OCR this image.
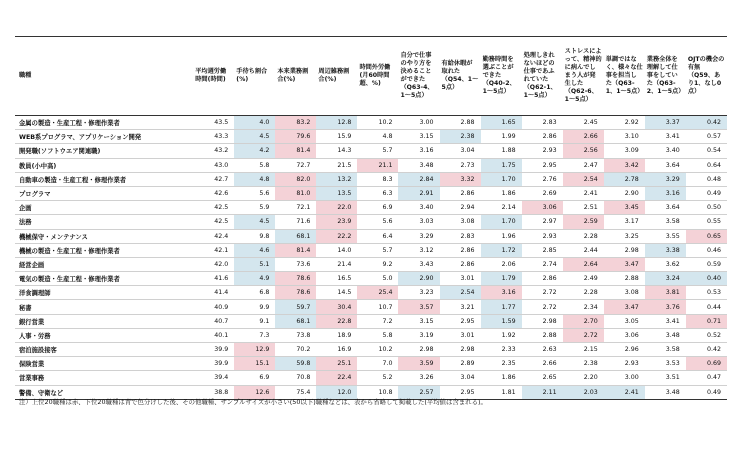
職種	平均週労働時間(時間)	手待ち割合(%)	本来業務割合(%)	周辺雑務割合(%)	時間外労働(月60時間超、%)	自分で仕事のやり方を決めることができた（Q63-4、1〜5点）	有給休暇が取れた（Q54、1〜5点）	勤務時間を選ぶことができた（Q40-2、1〜5点）	処理しきれないほどの仕事であふれていた（Q62-1、1〜5点）	ストレスによって、精神的に病んでしまう人が発生した（Q62-6、1〜5点）	単調ではなく、様々な仕事を担当した（Q63-1、1〜5点）	業務全体を理解して仕事をしていた（Q63-2、1〜5点）	OJTの機会の有無（Q59、あり1、なし0点）
金属の製造・生産工程・修理作業者	43.5	4.0	83.2	12.8	10.2	3.00	2.88	1.65	2.83	2.45	2.92	3.37	0.42
WEB系プログラマ、アプリケーション開発	43.3	4.5	79.6	15.9	4.8	3.15	2.38	1.99	2.86	2.66	3.10	3.41	0.57
開発職(ソフトウエア関連職)	43.2	4.2	81.4	14.3	5.7	3.16	3.04	1.88	2.93	2.56	3.09	3.40	0.54
教員(小中高)	43.0	5.8	72.7	21.5	21.1	3.48	2.73	1.75	2.95	2.47	3.42	3.64	0.64
自動車の製造・生産工程・修理作業者	42.7	4.8	82.0	13.2	8.3	2.84	3.32	1.70	2.76	2.54	2.78	3.29	0.48
プログラマ	42.6	5.6	81.0	13.5	6.3	2.91	2.86	1.86	2.69	2.41	2.90	3.16	0.49
企画	42.5	5.9	72.1	22.0	6.9	3.40	2.94	2.14	3.06	2.51	3.45	3.64	0.50
法務	42.5	4.5	71.6	23.9	5.6	3.03	3.08	1.70	2.97	2.59	3.17	3.58	0.55
機械保守・メンテナンス	42.4	9.8	68.1	22.2	6.4	3.29	2.83	1.96	2.93	2.28	3.25	3.55	0.65
機械の製造・生産工程・修理作業者	42.1	4.6	81.4	14.0	5.7	3.12	2.86	1.72	2.85	2.44	2.98	3.38	0.46
経営企画	42.0	5.1	73.6	21.4	9.2	3.43	2.86	2.06	2.74	2.64	3.47	3.62	0.59
電気の製造・生産工程・修理作業者	41.6	4.9	78.6	16.5	5.0	2.90	3.01	1.79	2.86	2.49	2.88	3.24	0.40
洋食調理師	41.4	6.8	78.6	14.5	25.4	3.23	2.54	3.16	2.72	2.28	3.08	3.81	0.53
秘書	40.9	9.9	59.7	30.4	10.7	3.57	3.21	1.77	2.72	2.34	3.47	3.76	0.44
銀行営業	40.7	9.1	68.1	22.8	7.2	3.15	2.95	1.59	2.98	2.70	3.05	3.41	0.71
人事・労務	40.1	7.3	73.8	18.9	5.8	3.19	3.01	1.92	2.88	2.72	3.06	3.48	0.52
宿泊施設接客	39.9	12.9	70.2	16.9	10.2	2.98	2.98	2.33	2.63	2.15	2.96	3.58	0.42
保険営業	39.9	15.1	59.8	25.1	7.0	3.59	2.89	2.35	2.66	2.38	2.93	3.53	0.69
営業事務	39.4	6.9	70.8	22.4	5.2	3.26	3.04	1.86	2.65	2.20	3.00	3.51	0.47
警備、守衛など	38.8	12.6	75.4	12.0	10.8	2.57	2.95	1.81	2.11	2.03	2.41	3.48	0.49
注）上位20職種は赤、下位20職種は青で色分けした後、その他職種、サンプルサイズが小さい(50以下)職種などは、表から省略して掲載した(平均値は含まれる)。
